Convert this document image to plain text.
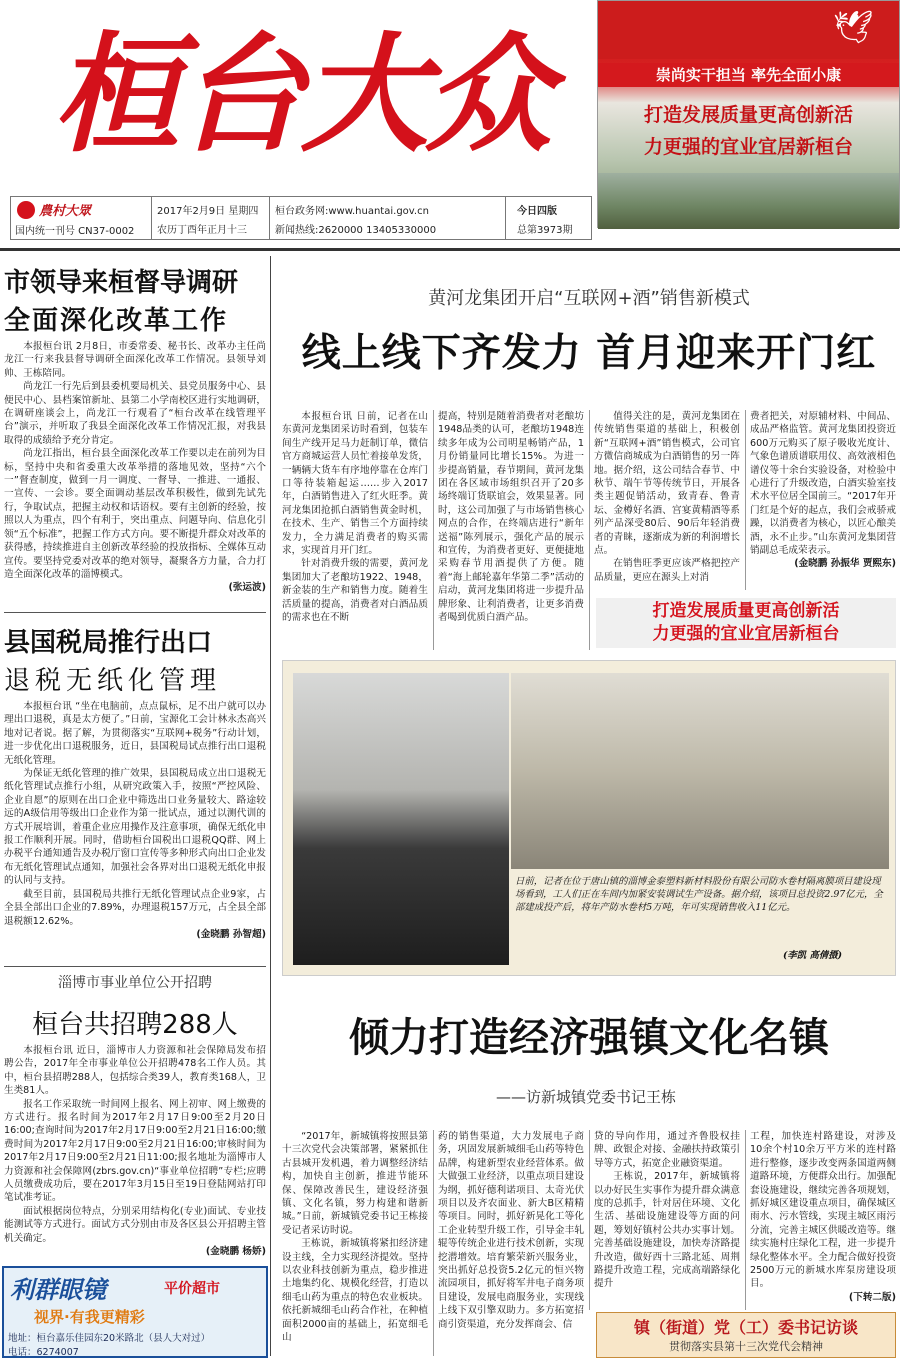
桓台大众	🕊
崇尚实干担当 率先全面小康
打造发展质量更高创新活
力更强的宜业宜居新桓台
農村大眾
国内统一刊号 CN37-0002
2017年2月9日 星期四
农历丁酉年正月十三
桓台政务网:www.huantai.gov.cn
新闻热线:2620000 13405330000
今日四版
总第3973期
市领导来桓督导调研
全面深化改革工作

本报桓台讯 2月8日，市委常委、秘书长、改革办主任尚龙江一行来我县督导调研全面深化改革工作情况。县领导刘帅、王栋陪同。

尚龙江一行先后到县委机要局机关、县党员服务中心、县便民中心、县档案馆新址、县第二小学南校区进行实地调研，在调研座谈会上，尚龙江一行观看了“桓台改革在线管理平台”演示，并听取了我县全面深化改革工作情况汇报，对我县取得的成绩给予充分肯定。

尚龙江指出，桓台县全面深化改革工作要以走在前列为目标，坚持中央和省委重大改革举措的落地见效，坚持“六个一”督查制度，做到一月一调度、一督导、一推进、一通报、一宣传、一会诊。要全面调动基层改革积极性，做到先试先行，争取试点，把握主动权和话语权。要有主创新的经验，按照以人为重点，四个有利于，突出重点、问题导向、信息化引领“五个标准”，把握工作方式方向。要不断提升群众对改革的获得感，持续推进自主创新改革经验的投放指标、全媒体互动宣传。要坚持党委对改革的绝对领导，凝聚各方力量，合力打造全面深化改革的淄博模式。

(张运波)

县国税局推行出口
退税无纸化管理

本报桓台讯 “坐在电脑前，点点鼠标，足不出户就可以办理出口退税，真是太方便了。”日前，宝源化工会计林永杰高兴地对记者说。据了解，为贯彻落实“互联网+税务”行动计划，进一步优化出口退税服务，近日，县国税局试点推行出口退税无纸化管理。

为保证无纸化管理的推广效果，县国税局成立出口退税无纸化管理试点推行小组，从研究政策入手，按照“严控风险、企业自愿”的原则在出口企业中筛选出口业务量较大、路途较远的A级信用等级出口企业作为第一批试点，通过以测代训的方式开展培训，着重企业应用操作及注意事项，确保无纸化申报工作顺利开展。同时，借助桓台国税出口退税QQ群、网上办税平台通知通告及办税厅窗口宣传等多种形式向出口企业发布无纸化管理试点通知，加强社会各界对出口退税无纸化申报的认同与支持。

截至目前，县国税局共推行无纸化管理试点企业9家，占全县全部出口企业的7.89%，办理退税157万元，占全县全部退税额12.62%。

(金晓鹏 孙智超)

淄博市事业单位公开招聘
桓台共招聘288人

本报桓台讯 近日，淄博市人力资源和社会保障局发布招聘公告，2017年全市事业单位公开招聘478名工作人员。其中，桓台县招聘288人，包括综合类39人，教育类168人，卫生类81人。

报名工作采取统一时间网上报名、网上初审、网上缴费的方式进行。报名时间为2017年2月17日9:00至2月20日16:00;查询时间为2017年2月17日9:00至2月21日16:00;缴费时间为2017年2月17日9:00至2月21日16:00;审核时间为2017年2月17日9:00至2月21日11:00;报名地址为淄博市人力资源和社会保障网(zbrs.gov.cn)“事业单位招聘”专栏;应聘人员缴费成功后，要在2017年3月15日至19日登陆网站打印笔试准考证。

面试根据岗位特点，分别采用结构化(专业)面试、专业技能测试等方式进行。面试方式分别由市及各区县公开招聘主管机关确定。

(金晓鹏 杨娇)

利群眼镜	平价超市
视界·有我更精彩
地址：桓台嘉乐佳园东20米路北（县人大对过）
电话：6274007
黄河龙集团开启“互联网+酒”销售新模式
线上线下齐发力 首月迎来开门红

本报桓台讯 日前，记者在山东黄河龙集团采访时看到，包装车间生产线开足马力赶制订单，微信官方商城运营人员忙着接单发货，一辆辆大货车有序地停靠在仓库门口等待装箱起运……步入2017年，白酒销售进入了红火旺季。黄河龙集团抢抓白酒销售黄金时机，在技术、生产、销售三个方面持续发力，全力满足消费者的购买需求，实现首月开门红。

针对消费升级的需要，黄河龙集团加大了老酿坊1922、1948，新金装的生产和销售力度。随着生活质量的提高，消费者对白酒品质的需求也在不断

提高，特别是随着消费者对老酿坊1948品类的认可，老酿坊1948连续多年成为公司明星畅销产品，1月份销量同比增长15%。为进一步提高销量，春节期间，黄河龙集团在各区域市场组织召开了20多场终端订货联谊会，效果显著。同时，这公司加强了与市场销售核心网点的合作，在终端店进行“新年送福”陈列展示，强化产品的展示和宣传，为消费者更好、更便捷地采购春节用酒提供了方便。随着“海上邮轮嘉年华第二季”活动的启动，黄河龙集团将进一步提升品牌形象、让利消费者，让更多消费者喝到优质白酒产品。

值得关注的是，黄河龙集团在传统销售渠道的基础上，积极创新“互联网+酒”销售模式，公司官方微信商城成为白酒销售的另一阵地。据介绍，这公司结合春节、中秋节、端午节等传统节日，开展各类主题促销活动，致青春、鲁青坛、金樽好名酒、宫宴黄精酒等系列产品深受80后、90后年轻消费者的青睐，逐渐成为新的利润增长点。

在销售旺季更应该严格把控产品质量，更应在源头上对消

费者把关，对原辅材料、中间品、成品严格监管。黄河龙集团投资近600万元购买了原子吸收光度计、气象色谱质谱联用仪、高效液相色谱仪等十余台实验设备，对检验中心进行了升级改造，白酒实验室技术水平位居全国前三。“2017年开门红是个好的起点，我们会戒骄戒躁，以消费者为核心，以匠心酿美酒，永不止步。”山东黄河龙集团营销副总毛成荣表示。

(金晓鹏 孙振华 贾熙东)

打造发展质量更高创新活
力更强的宜业宜居新桓台
日前，记者在位于唐山镇的淄博金泰塑料新材料股份有限公司防水卷材隔离膜项目建设现场看到，工人们正在车间内加紧安装调试生产设备。据介绍，该项目总投资2.97亿元，全部建成投产后，将年产防水卷材5万吨，年可实现销售收入11亿元。
(李凯 高倩摄)
倾力打造经济强镇文化名镇
——访新城镇党委书记王栋

“2017年，新城镇将按照县第十三次党代会决策部署，紧紧抓住古县城开发机遇，着力调整经济结构，加快自主创新，推进节能环保、保障改善民生，建设经济强镇、文化名镇，努力构建和谐新城。”日前，新城镇党委书记王栋接受记者采访时说。

王栋说，新城镇将紧扣经济建设主线，全力实现经济提效。坚持以农业科技创新为重点，稳步推进土地集约化、规模化经营，打造以细毛山药为重点的特色农业板块。依托新城细毛山药合作社，在种植面积2000亩的基础上，拓宽细毛山

药的销售渠道，大力发展电子商务，巩固发展新城细毛山药等特色品牌，构建新型农业经营体系。做大做强工业经济，以重点项目建设为纲，抓好德利诺项目、太奇光伏项目以及齐农面业、新大B区精精等项目。同时，抓好新晃化工等化工企业转型升级工作，引导金丰轧辊等传统企业进行技术创新，实现挖潜增效。培育繁荣新兴服务业，突出抓好总投资5.2亿元的恒兴物流园项目，抓好将军井电子商务项目建设，发展电商服务业，实现线上线下双引擎双助力。多方拓宽招商引资渠道，充分发挥商会、信

贷的导向作用，通过齐鲁股权挂牌、政银企对接、金融扶持政策引导等方式，拓宽企业融资渠道。

王栋说，2017年，新城镇将以办好民生实事作为提升群众满意度的总抓手，针对居住环境、文化生活、基础设施建设等方面的问题，筹划好镇村公共办实事计划。完善基础设施建设，加快寿济路提升改造，做好西十三路北延、周荆路提升改造工程，完成高端路绿化提升

工程，加快连村路建设，对涉及10余个村10余万平方米的连村路进行整修，逐步改变两条国道两侧道路环境，方便群众出行。加强配套设施建设，继续完善各项规划，抓好城区建设重点项目，确保城区雨水、污水管线，实现主城区雨污分流，完善主城区供暖改造等。继续实施村庄绿化工程，进一步提升绿化整体水平。全力配合做好投资2500万元的新城水库泵房建设项目。

(下转二版)

镇（街道）党（工）委书记访谈
贯彻落实县第十三次党代会精神
